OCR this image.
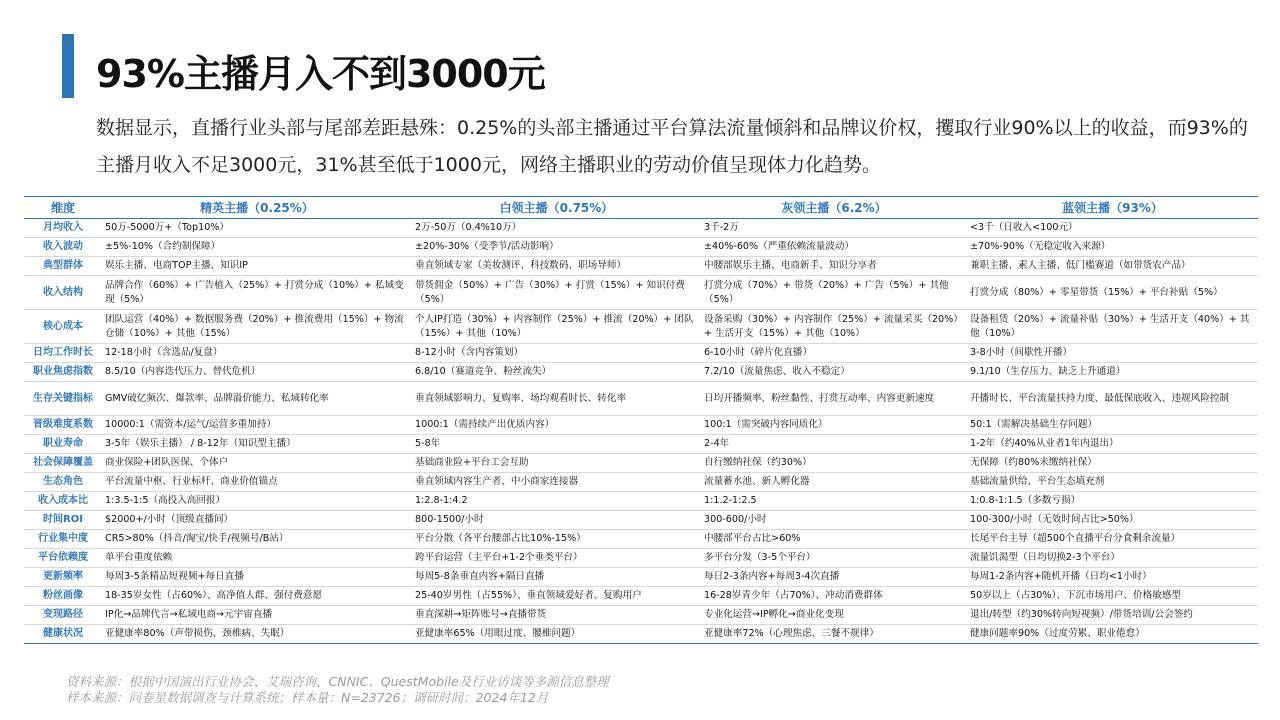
93%主播月入不到3000元
数据显示，直播行业头部与尾部差距悬殊：0.25%的头部主播通过平台算法流量倾斜和品牌议价权，攫取行业90%以上的收益，而93%的主播月收入不足3000元，31%甚至低于1000元，网络主播职业的劳动价值呈现体力化趋势。
维度	精英主播（0.25%）	白领主播（0.75%）	灰领主播（6.2%）	蓝领主播（93%）
月均收入	50万-5000万+（Top10%）	2万-50万（0.4%10万）	3千-2万	<3千（日收入<100元）
收入波动	±5%-10%（合约制保障）	±20%-30%（受季节/活动影响）	±40%-60%（严重依赖流量波动）	±70%-90%（无稳定收入来源）
典型群体	娱乐主播、电商TOP主播、知识IP	垂直领域专家（美妆测评、科技数码、职场导师）	中腰部娱乐主播、电商新手、知识分享者	兼职主播、素人主播、低门槛赛道（如带货农产品）
收入结构	品牌合作（60%）+ 广告植入（25%）+ 打赏分成（10%）+ 私域变现（5%）	带货佣金（50%）+ 广告（30%）+ 打赏（15%）+ 知识付费（5%）	打赏分成（70%）+ 带货（20%）+ 广告（5%）+ 其他（5%）	打赏分成（80%）+ 零星带货（15%）+ 平台补贴（5%）
核心成本	团队运营（40%）+ 数据服务费（20%）+ 推流费用（15%）+ 物流仓储（10%）+ 其他（15%）	个人IP打造（30%）+ 内容制作（25%）+ 推流（20%）+ 团队（15%）+ 其他（10%）	设备采购（30%）+ 内容制作（25%）+ 流量采买（20%）+ 生活开支（15%）+ 其他（10%）	设备租赁（20%）+ 流量补贴（30%）+ 生活开支（40%）+ 其他（10%）
日均工作时长	12-18小时（含选品/复盘）	8-12小时（含内容策划）	6-10小时（碎片化直播）	3-8小时（间歇性开播）
职业焦虑指数	8.5/10（内容迭代压力、替代危机）	6.8/10（赛道竞争、粉丝流失）	7.2/10（流量焦虑、收入不稳定）	9.1/10（生存压力、缺乏上升通道）
生存关键指标	GMV破亿频次、爆款率、品牌溢价能力、私域转化率	垂直领域影响力、复购率、场均观看时长、转化率	日均开播频率、粉丝黏性、打赏互动率、内容更新速度	开播时长、平台流量扶持力度、最低保底收入、违规风险控制
晋级难度系数	10000:1（需资本/运气/运营多重加持）	1000:1（需持续产出优质内容）	100:1（需突破内容同质化）	50:1（需解决基础生存问题）
职业寿命	3-5年（娱乐主播） / 8-12年（知识型主播）	5-8年	2-4年	1-2年（约40%从业者1年内退出）
社会保障覆盖	商业保险+团队医保、个体户	基础商业险+平台工会互助	自行缴纳社保（约30%）	无保障（约80%未缴纳社保）
生态角色	平台流量中枢、行业标杆、商业价值锚点	垂直领域内容生产者、中小商家连接器	流量蓄水池、新人孵化器	基础流量供给、平台生态填充剂
收入成本比	1:3.5-1:5（高投入高回报）	1:2.8-1:4.2	1:1.2-1:2.5	1:0.8-1:1.5（多数亏损）
时间ROI	$2000+/小时（顶级直播间）	800-1500/小时	300-600/小时	100-300/小时（无效时间占比>50%）
行业集中度	CR5>80%（抖音/淘宝/快手/视频号/B站）	平台分散（各平台腰部占比10%-15%）	中腰部平台占比>60%	长尾平台主导（超500个直播平台分食剩余流量）
平台依赖度	单平台重度依赖	跨平台运营（主平台+1-2个垂类平台）	多平台分发（3-5个平台）	流量饥渴型（日均切换2-3个平台）
更新频率	每周3-5条精品短视频+每日直播	每周5-8条垂直内容+隔日直播	每日2-3条内容+每周3-4次直播	每周1-2条内容+随机开播（日均<1小时）
粉丝画像	18-35岁女性（占60%）、高净值人群、强付费意愿	25-40岁男性（占55%）、垂直领域爱好者、复购用户	16-28岁青少年（占70%）、冲动消费群体	50岁以上（占30%）、下沉市场用户、价格敏感型
变现路径	IP化→品牌代言→私域电商→元宇宙直播	垂直深耕→矩阵账号→直播带货	专业化运营→IP孵化→商业化变现	退出/转型（约30%转向短视频）/带货培训/公会签约
健康状况	亚健康率80%（声带损伤、颈椎病、失眠）	亚健康率65%（用眼过度、腰椎问题）	亚健康率72%（心理焦虑、三餐不规律）	健康问题率90%（过度劳累、职业倦怠）
资料来源：根据中国演出行业协会、艾瑞咨询、CNNIC、QuestMobile及行业访谈等多源信息整理
样本来源：问卷星数据调查与计算系统；样本量：N=23726；调研时间：2024年12月
